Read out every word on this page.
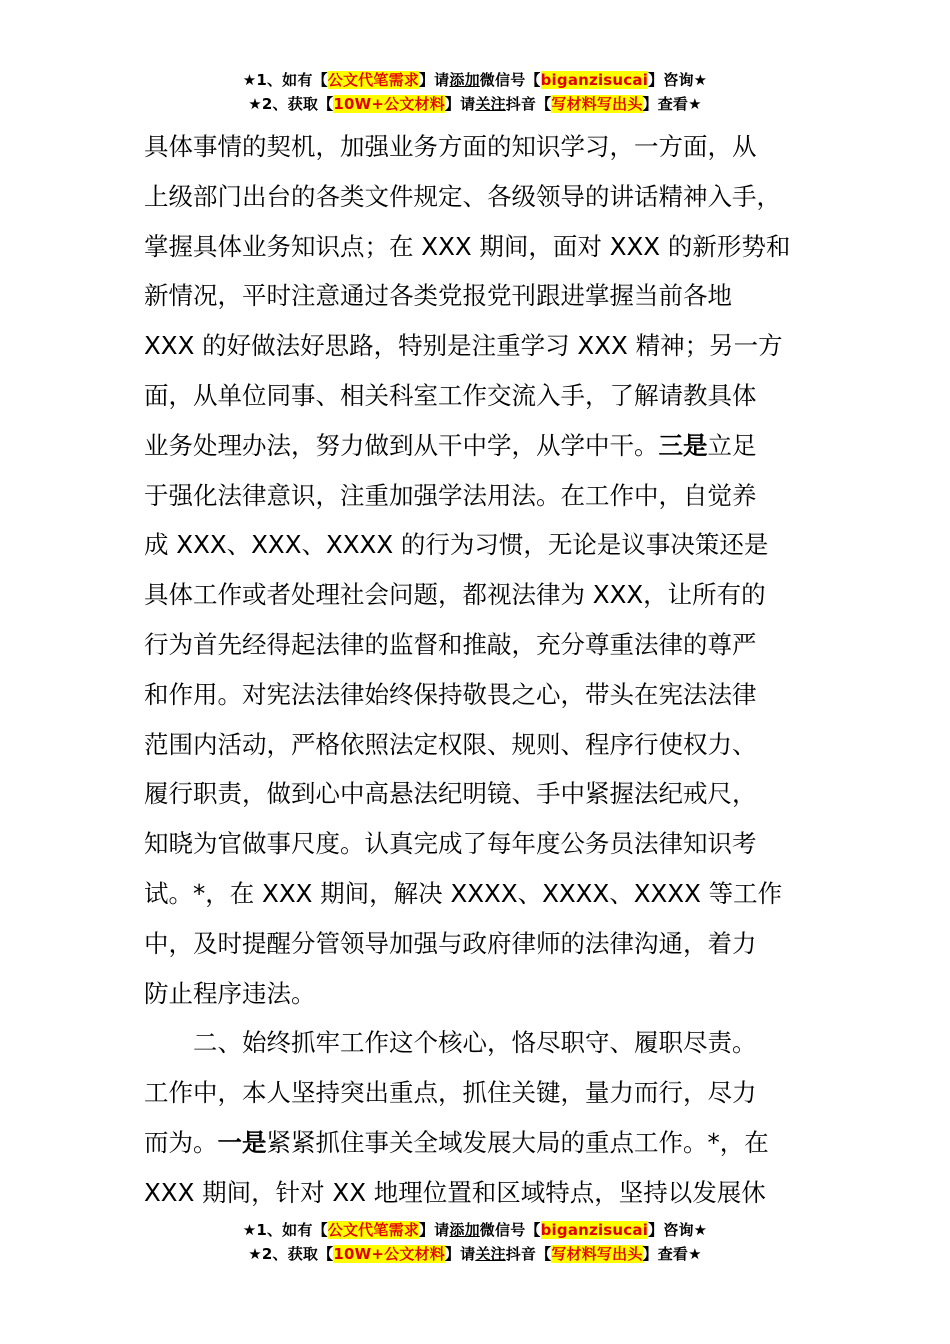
★1、如有【公文代笔需求】请添加微信号【biganzisucai】咨询★
★2、获取【10W+公文材料】请关注抖音【写材料写出头】查看★
具体事情的契机，加强业务方面的知识学习，一方面，从
上级部门出台的各类文件规定、各级领导的讲话精神入手，
掌握具体业务知识点；在 XXX 期间，面对 XXX 的新形势和
新情况，平时注意通过各类党报党刊跟进掌握当前各地
XXX 的好做法好思路，特别是注重学习 XXX 精神；另一方
面，从单位同事、相关科室工作交流入手，了解请教具体
业务处理办法，努力做到从干中学，从学中干。三是立足
于强化法律意识，注重加强学法用法。在工作中，自觉养
成 XXX、XXX、XXXX 的行为习惯，无论是议事决策还是
具体工作或者处理社会问题，都视法律为 XXX，让所有的
行为首先经得起法律的监督和推敲，充分尊重法律的尊严
和作用。对宪法法律始终保持敬畏之心，带头在宪法法律
范围内活动，严格依照法定权限、规则、程序行使权力、
履行职责，做到心中高悬法纪明镜、手中紧握法纪戒尺，
知晓为官做事尺度。认真完成了每年度公务员法律知识考
试。*，在 XXX 期间，解决 XXXX、XXXX、XXXX 等工作
中，及时提醒分管领导加强与政府律师的法律沟通，着力
防止程序违法。
二、始终抓牢工作这个核心，恪尽职守、履职尽责。
工作中，本人坚持突出重点，抓住关键，量力而行，尽力
而为。一是紧紧抓住事关全域发展大局的重点工作。*，在
XXX 期间，针对 XX 地理位置和区域特点，坚持以发展休
★1、如有【公文代笔需求】请添加微信号【biganzisucai】咨询★
★2、获取【10W+公文材料】请关注抖音【写材料写出头】查看★
